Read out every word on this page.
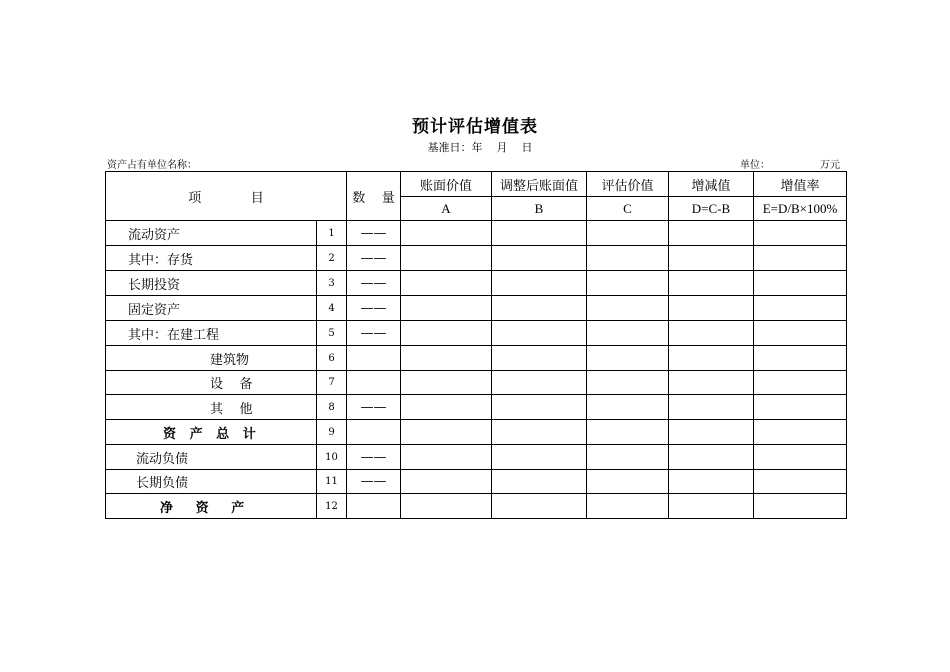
预计评估增值表
基准日：年    月    日
资产占有单位名称：	单位：	万元
项            目		数    量	账面价值	调整后账面值	评估价值	增减值	增值率
			A	B	C	D=C-B	E=D/B×100%
流动资产	1	——					
其中：存货	2	——					
长期投资	3	——					
固定资产	4	——					
其中：在建工程	5	——					
建筑物	6						
设    备	7						
其    他	8	——					
资   产   总   计	9						
流动负债	10	——					
长期负债	11	——					
净     资     产	12						
